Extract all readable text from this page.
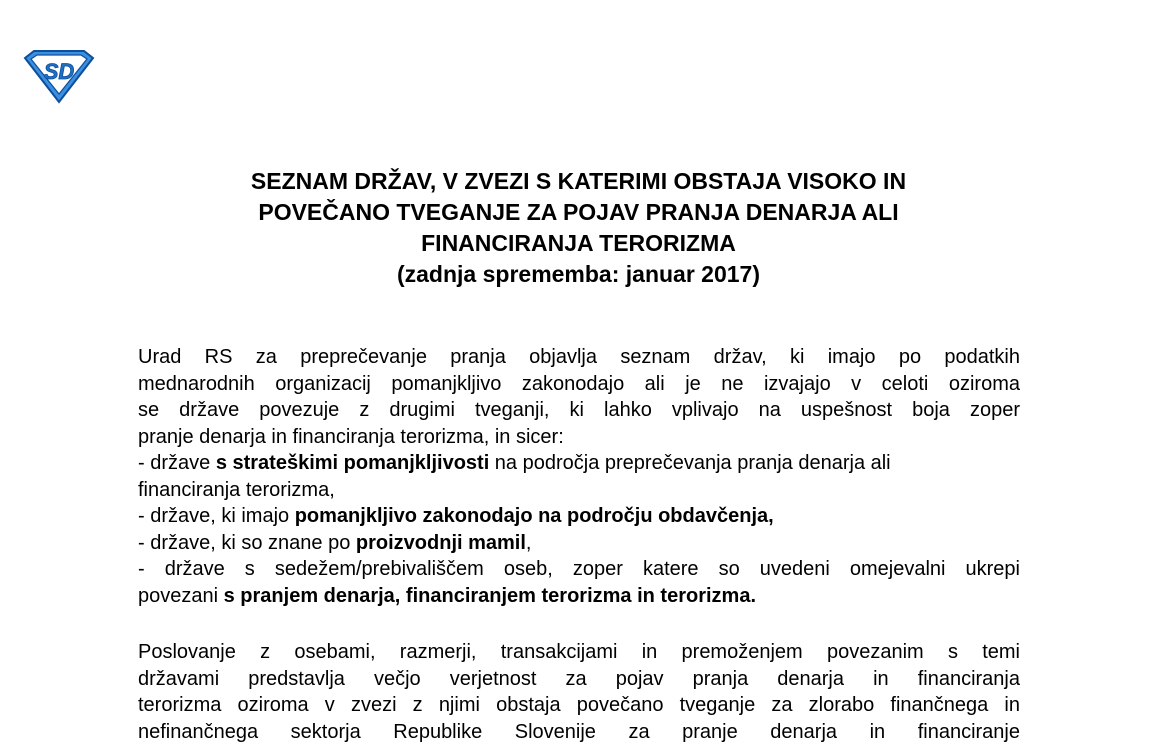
SD
SEZNAM DRŽAV, V ZVEZI S KATERIMI OBSTAJA VISOKO IN
POVEČANO TVEGANJE ZA POJAV PRANJA DENARJA ALI
FINANCIRANJA TERORIZMA
(zadnja sprememba: januar 2017)
Urad RS za preprečevanje pranja objavlja seznam držav, ki imajo po podatkih
mednarodnih organizacij pomanjkljivo zakonodajo ali je ne izvajajo v celoti oziroma
se države povezuje z drugimi tveganji, ki lahko vplivajo na uspešnost boja zoper
pranje denarja in financiranja terorizma, in sicer:
- države s strateškimi pomanjkljivosti na področja preprečevanja pranja denarja ali
financiranja terorizma,
- države, ki imajo pomanjkljivo zakonodajo na področju obdavčenja,
- države, ki so znane po proizvodnji mamil,
- države s sedežem/prebivališčem oseb, zoper katere so uvedeni omejevalni ukrepi
povezani s pranjem denarja, financiranjem terorizma in terorizma.
Poslovanje z osebami, razmerji, transakcijami in premoženjem povezanim s temi
državami predstavlja večjo verjetnost za pojav pranja denarja in financiranja
terorizma oziroma v zvezi z njimi obstaja povečano tveganje za zlorabo finančnega in
nefinančnega sektorja Republike Slovenije za pranje denarja in financiranje
